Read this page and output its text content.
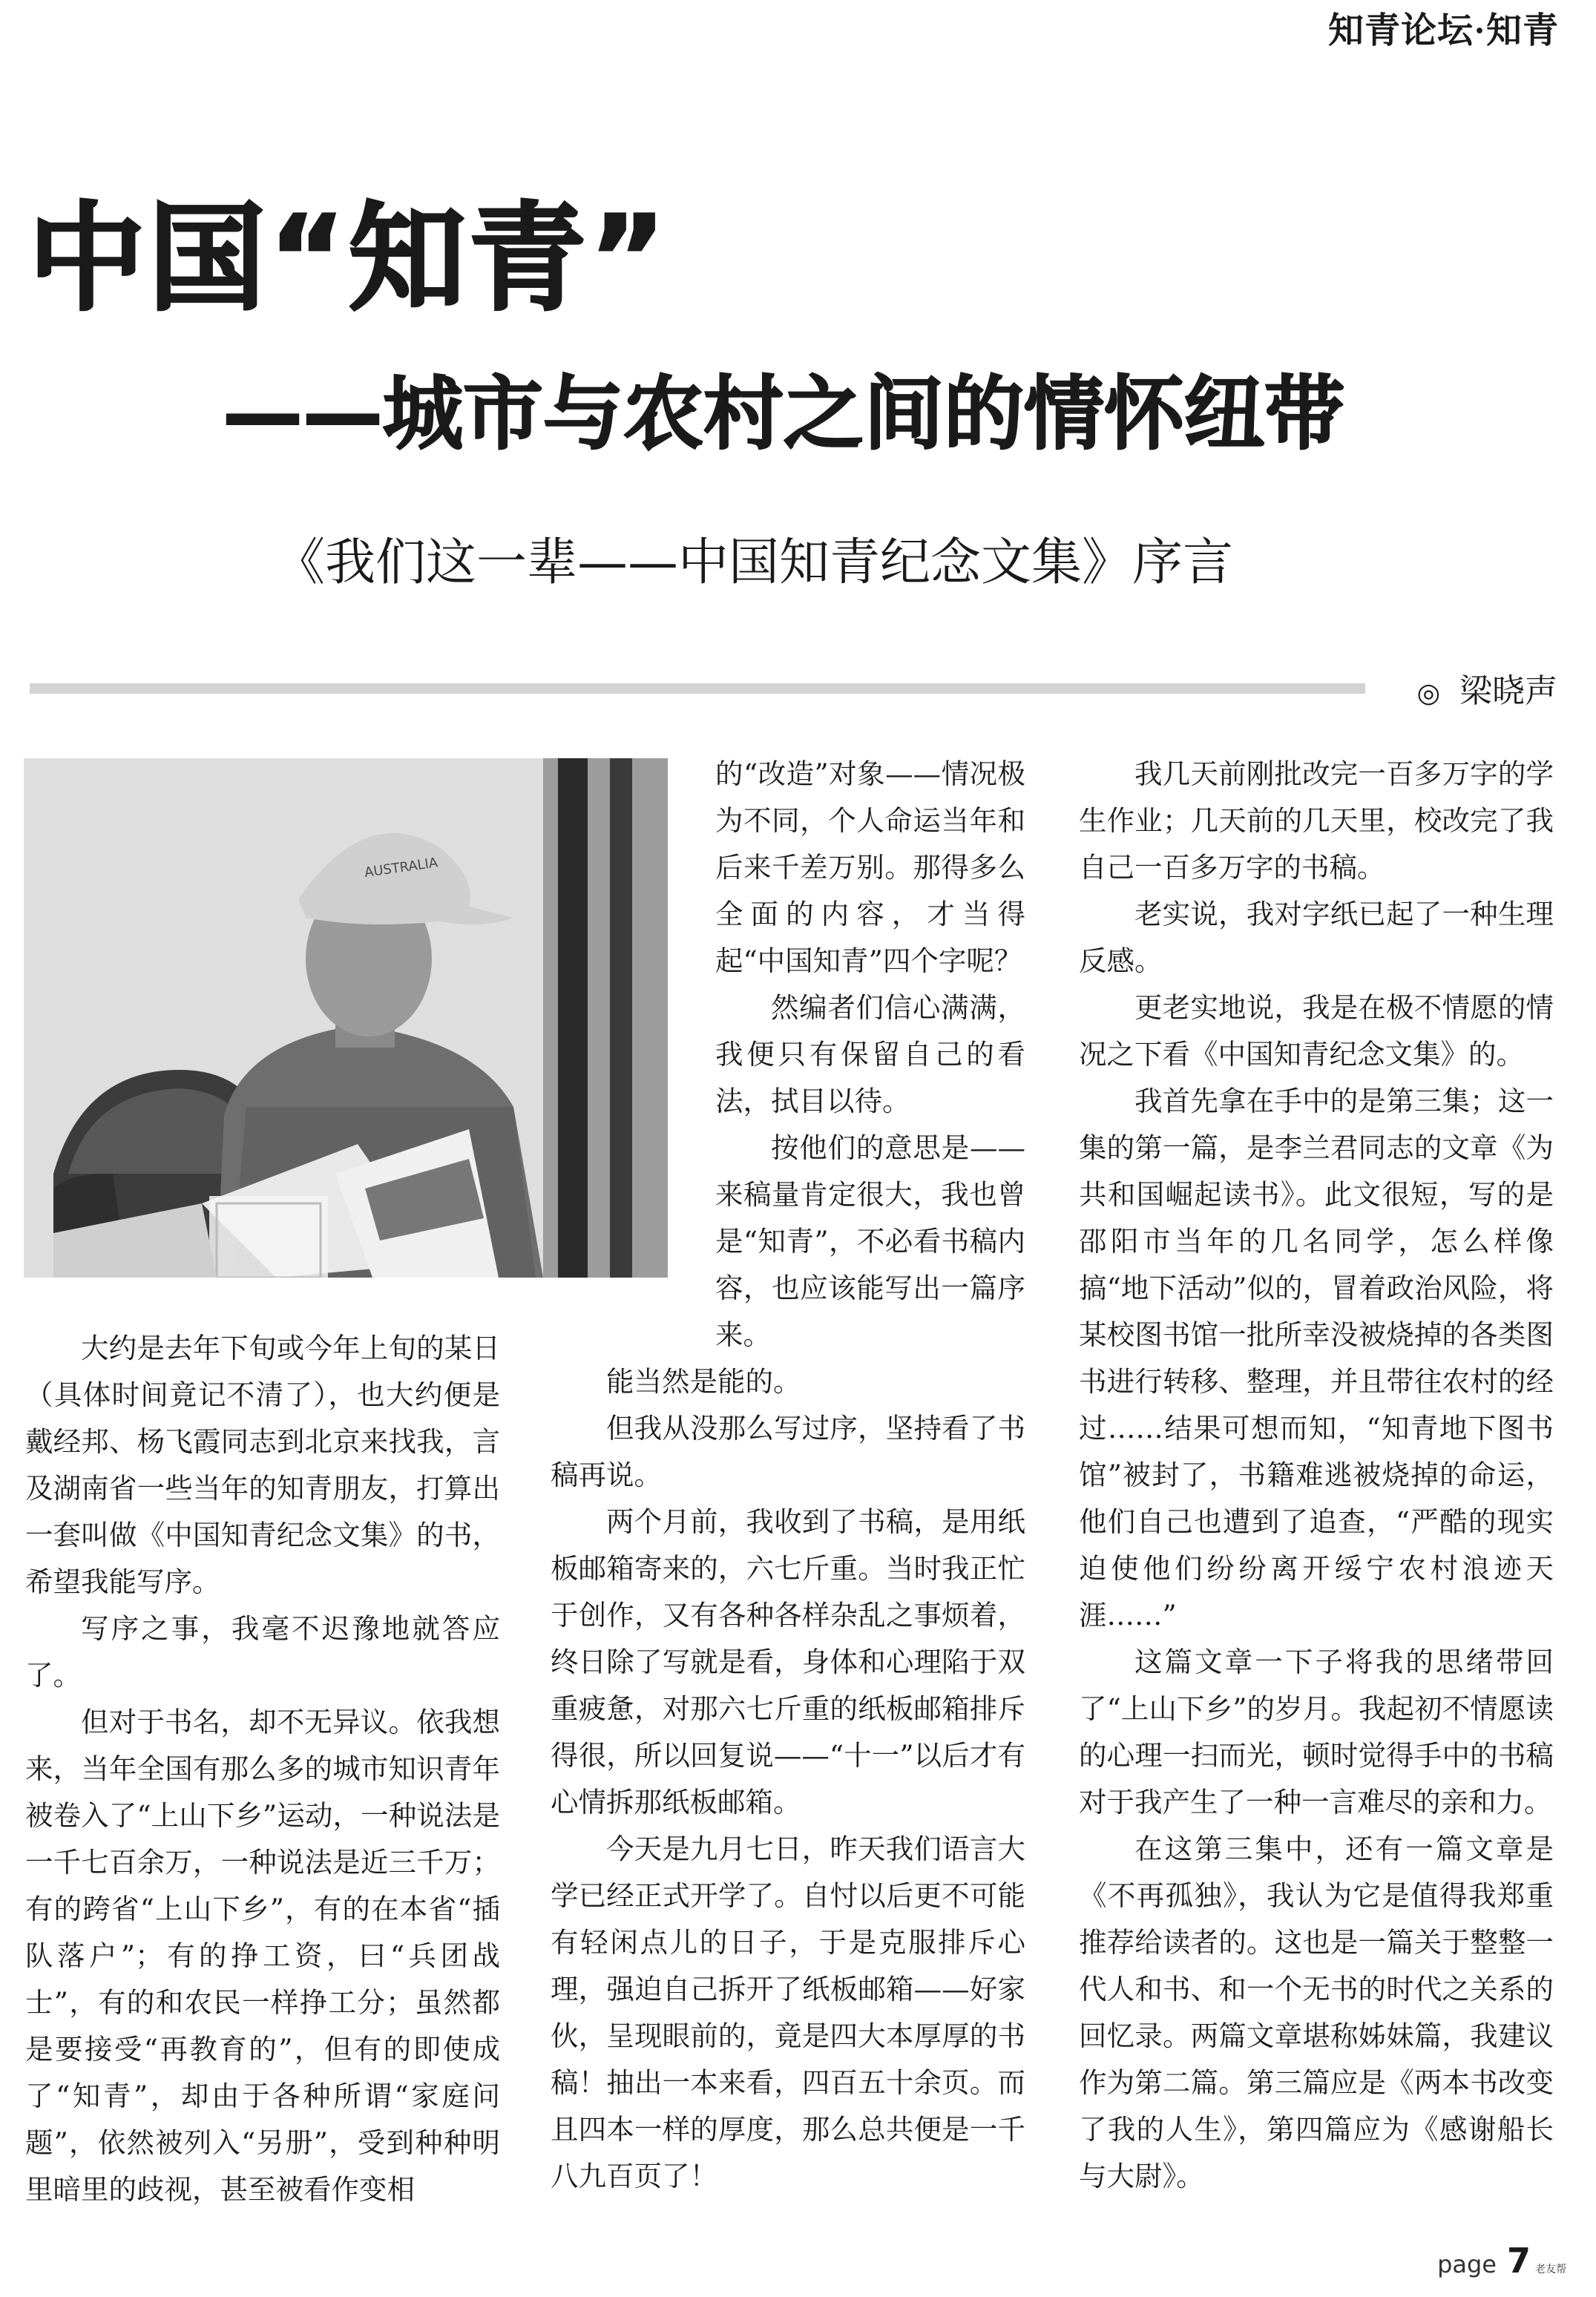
知青论坛·知青
中国“知青”
——城市与农村之间的情怀纽带
《我们这一辈——中国知青纪念文集》序言
◎ 梁晓声
AUSTRALIA

大约是去年下旬或今年上旬的某日（具体时间竟记不清了），也大约便是戴经邦、杨飞霞同志到北京来找我，言及湖南省一些当年的知青朋友，打算出一套叫做《中国知青纪念文集》的书，希望我能写序。

写序之事，我毫不迟豫地就答应了。

但对于书名，却不无异议。依我想来，当年全国有那么多的城市知识青年被卷入了“上山下乡”运动，一种说法是一千七百余万，一种说法是近三千万；有的跨省“上山下乡”，有的在本省“插队落户”；有的挣工资，曰“兵团战士”，有的和农民一样挣工分；虽然都是要接受“再教育的”，但有的即使成了“知青”，却由于各种所谓“家庭问题”，依然被列入“另册”，受到种种明里暗里的歧视，甚至被看作变相

的“改造”对象——情况极为不同，个人命运当年和后来千差万别。那得多么全面的内容，才当得起“中国知青”四个字呢？

然编者们信心满满，我便只有保留自己的看法，拭目以待。

按他们的意思是——来稿量肯定很大，我也曾是“知青”，不必看书稿内容，也应该能写出一篇序来。

能当然是能的。

但我从没那么写过序，坚持看了书稿再说。

两个月前，我收到了书稿，是用纸板邮箱寄来的，六七斤重。当时我正忙于创作，又有各种各样杂乱之事烦着，终日除了写就是看，身体和心理陷于双重疲惫，对那六七斤重的纸板邮箱排斥得很，所以回复说——“十一”以后才有心情拆那纸板邮箱。

今天是九月七日，昨天我们语言大学已经正式开学了。自忖以后更不可能有轻闲点儿的日子，于是克服排斥心理，强迫自己拆开了纸板邮箱——好家伙，呈现眼前的，竟是四大本厚厚的书稿！抽出一本来看，四百五十余页。而且四本一样的厚度，那么总共便是一千八九百页了！

我几天前刚批改完一百多万字的学生作业；几天前的几天里，校改完了我自己一百多万字的书稿。

老实说，我对字纸已起了一种生理反感。

更老实地说，我是在极不情愿的情况之下看《中国知青纪念文集》的。

我首先拿在手中的是第三集；这一集的第一篇，是李兰君同志的文章《为共和国崛起读书》。此文很短，写的是邵阳市当年的几名同学，怎么样像搞“地下活动”似的，冒着政治风险，将某校图书馆一批所幸没被烧掉的各类图书进行转移、整理，并且带往农村的经过……结果可想而知，“知青地下图书馆”被封了，书籍难逃被烧掉的命运，他们自己也遭到了追查，“严酷的现实迫使他们纷纷离开绥宁农村浪迹天涯……”

这篇文章一下子将我的思绪带回了“上山下乡”的岁月。我起初不情愿读的心理一扫而光，顿时觉得手中的书稿对于我产生了一种一言难尽的亲和力。

在这第三集中，还有一篇文章是《不再孤独》，我认为它是值得我郑重推荐给读者的。这也是一篇关于整整一代人和书、和一个无书的时代之关系的回忆录。两篇文章堪称姊妹篇，我建议作为第二篇。第三篇应是《两本书改变了我的人生》，第四篇应为《感谢船长与大尉》。

page 7 老友帮
